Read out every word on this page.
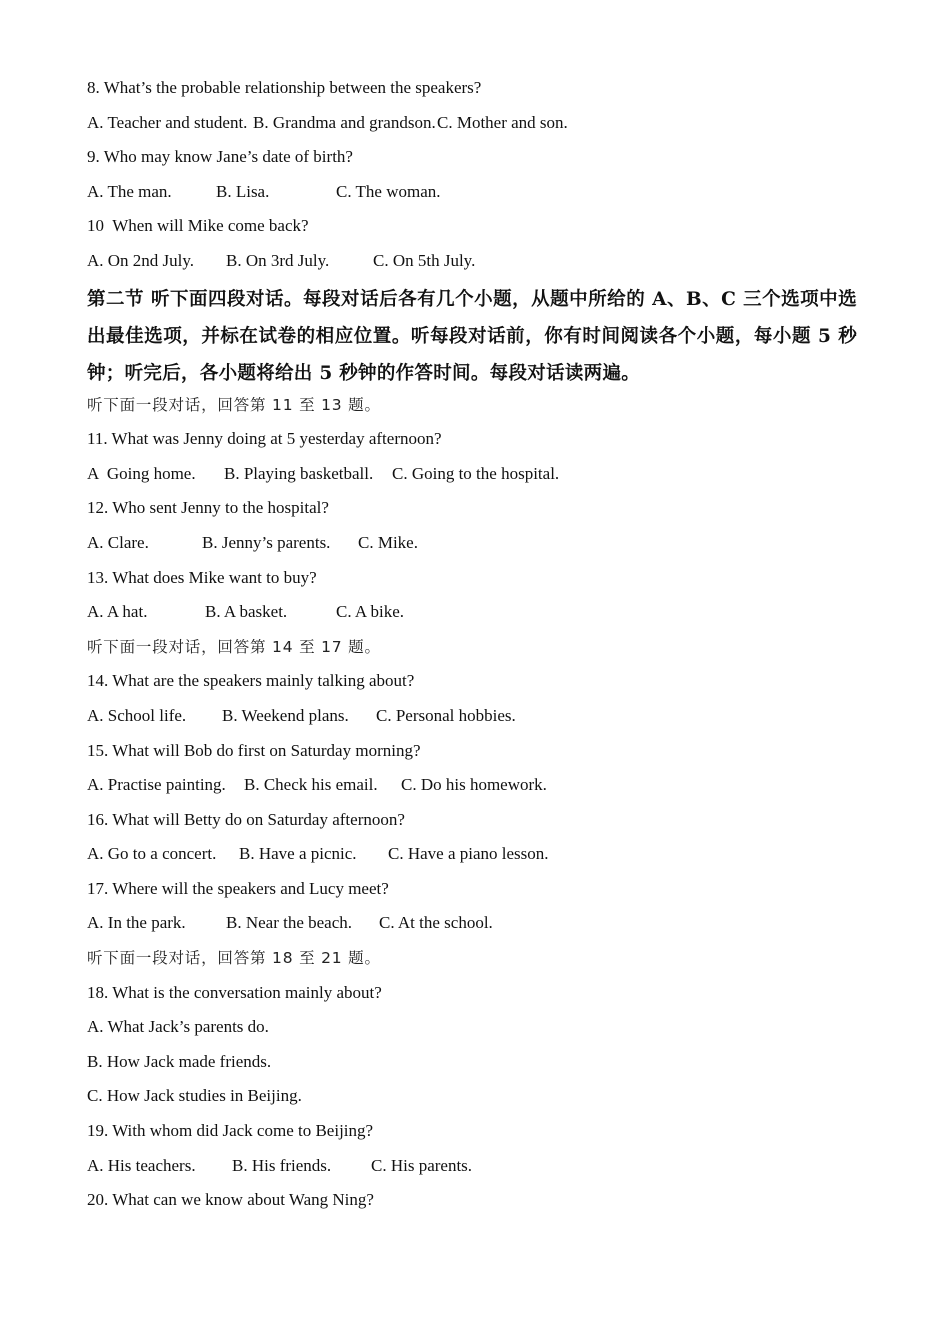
8. What’s the probable relationship between the speakers?
A. Teacher and student. B. Grandma and grandson. C. Mother and son.
9. Who may know Jane’s date of birth?
A. The man.	B. Lisa.	C. The woman.
10  When will Mike come back?
A. On 2nd July.	B. On 3rd July.	C. On 5th July.
第二节 听下面四段对话。每段对话后各有几个小题，从题中所给的 A、B、C 三个选项中选出最佳选项，并标在试卷的相应位置。听每段对话前，你有时间阅读各个小题，每小题 5 秒钟；听完后，各小题将给出 5 秒钟的作答时间。每段对话读两遍。
听下面一段对话，回答第 11 至 13 题。
11. What was Jenny doing at 5 yesterday afternoon?
A  Going home.	B. Playing basketball.	C. Going to the hospital.
12. Who sent Jenny to the hospital?
A. Clare.	B. Jenny’s parents.	C. Mike.
13. What does Mike want to buy?
A. A hat.	B. A basket.	C. A bike.
听下面一段对话，回答第 14 至 17 题。
14. What are the speakers mainly talking about?
A. School life.	B. Weekend plans.	C. Personal hobbies.
15. What will Bob do first on Saturday morning?
A. Practise painting.	B. Check his email.	C. Do his homework.
16. What will Betty do on Saturday afternoon?
A. Go to a concert.	B. Have a picnic.	C. Have a piano lesson.
17. Where will the speakers and Lucy meet?
A. In the park.	B. Near the beach.	C. At the school.
听下面一段对话，回答第 18 至 21 题。
18. What is the conversation mainly about?
A. What Jack’s parents do.
B. How Jack made friends.
C. How Jack studies in Beijing.
19. With whom did Jack come to Beijing?
A. His teachers.	B. His friends.	C. His parents.
20. What can we know about Wang Ning?
